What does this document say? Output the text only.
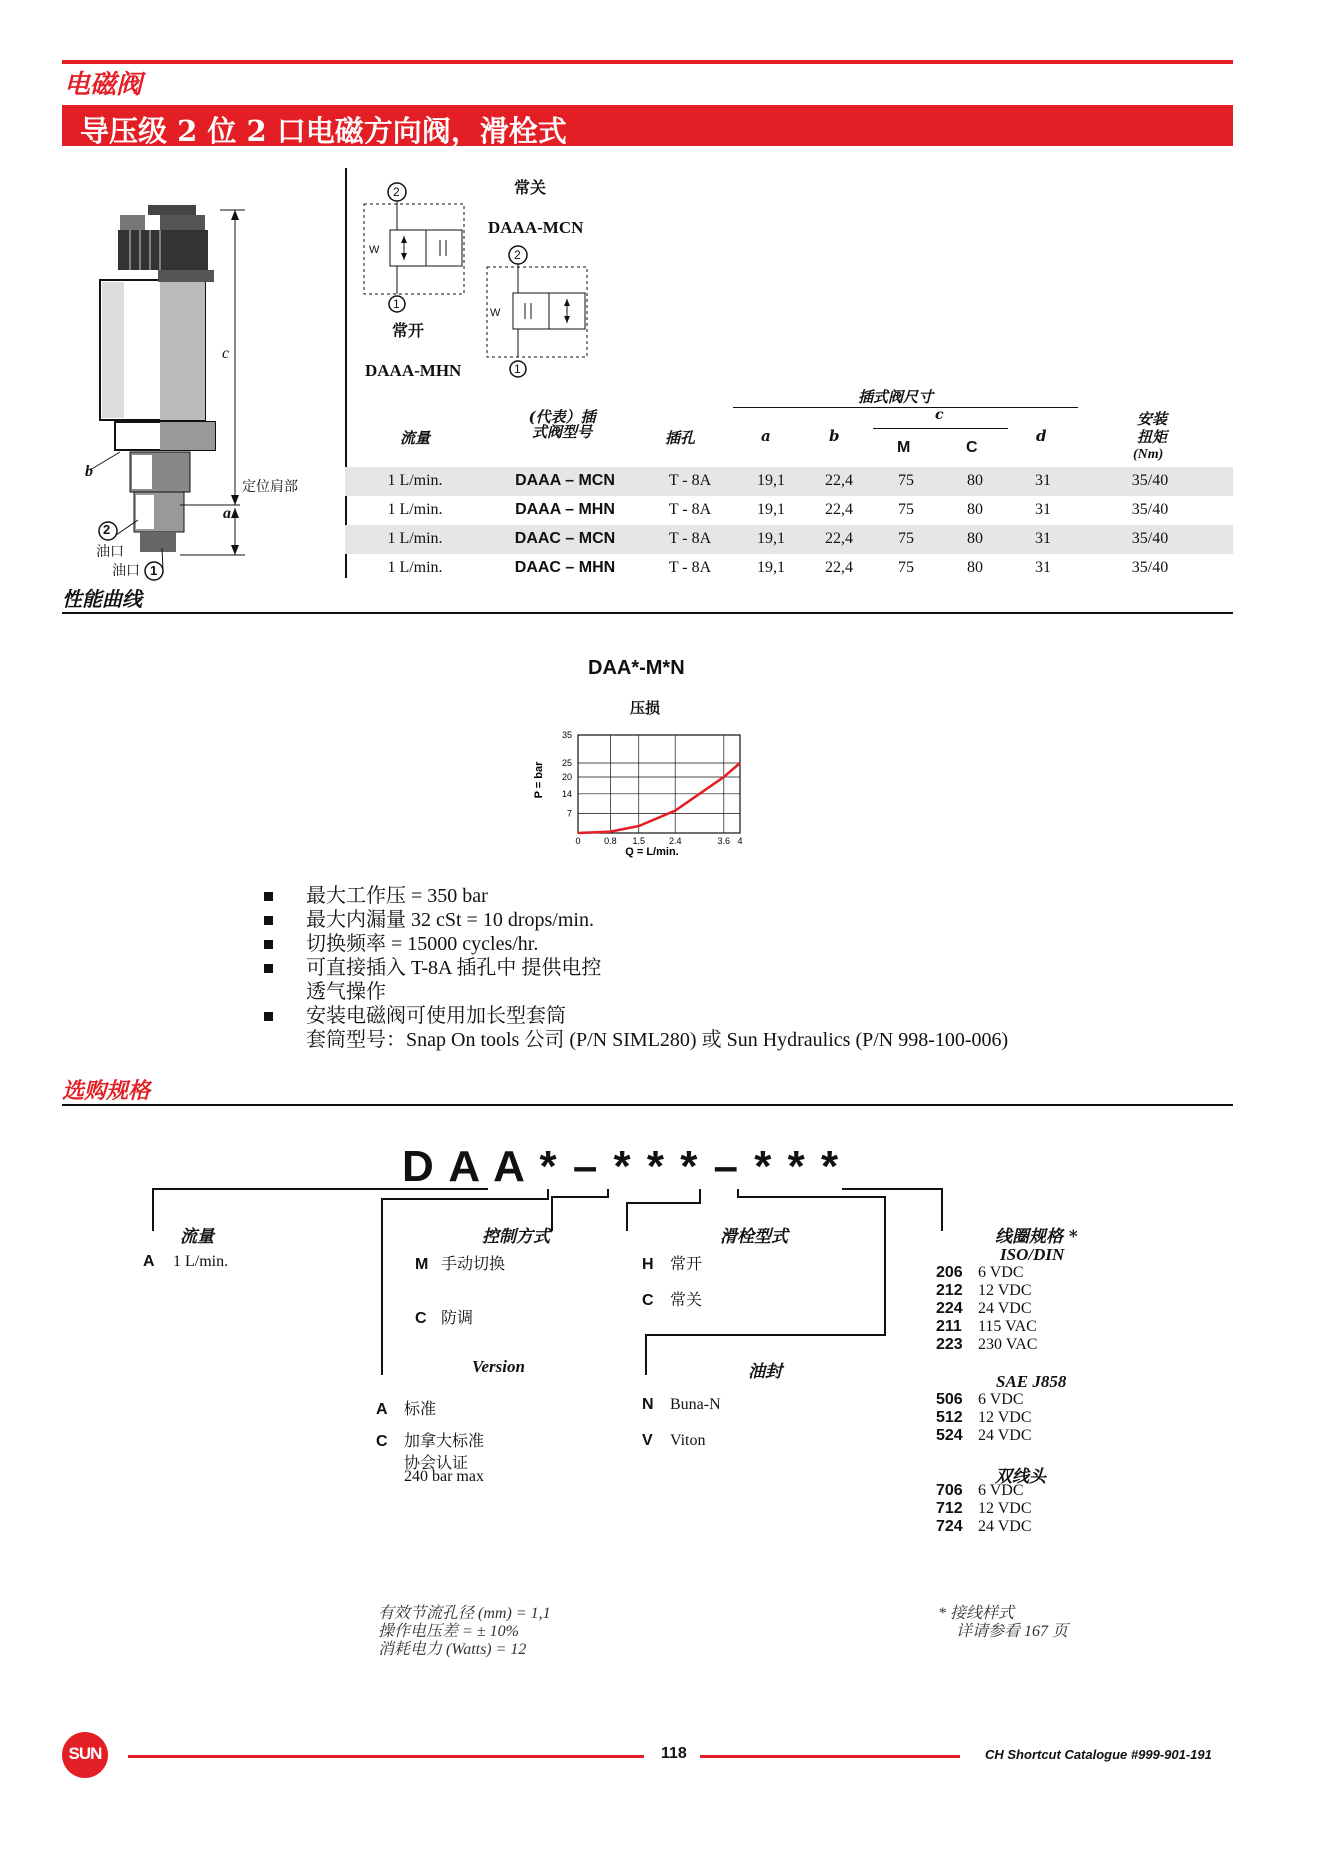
电磁阀
导压级 2 位 2 口电磁方向阀，滑栓式
c
b
a
定位肩部
2
油口
油口 1
2
W
1
常开
DAAA-MHN
常关
DAAA-MCN
2
W
1
插式阀尺寸
c
流量
(代表）插式阀型号	插孔	a	b
M	C
d
安装扭矩
(Nm)
1 L/min.	DAAA – MCN	T - 8A	19,1	22,4	75	80	31	35/40
1 L/min.	DAAA – MHN	T - 8A	19,1	22,4	75	80	31	35/40
1 L/min.	DAAC – MCN	T - 8A	19,1	22,4	75	80	31	35/40
1 L/min.	DAAC – MHN	T - 8A	19,1	22,4	75	80	31	35/40
性能曲线
DAA*-M*N
压损
0	0.8 1.5	2.4	3.6 4
7
14
20
25
35
Q = L/min.
P = bar
最大工作压 = 350 bar
最大内漏量 32 cSt = 10 drops/min.
切换频率 = 15000 cycles/hr.
可直接插入 T-8A 插孔中 提供电控
透气操作
安装电磁阀可使用加长型套筒
套筒型号：Snap On tools 公司 (P/N SIML280) 或 Sun Hydraulics (P/N 998-100-006)
选购规格
D A A * – * * * – * * *
流量
A 1 L/min.
控制方式
M 手动切换
C 防调
滑栓型式
H 常开
C 常关
Version
A 标准
C 加拿大标准
协会认证
240 bar max
油封
N Buna-N
V Viton
线圈规格 *
ISO/DIN
206 6 VDC
212 12 VDC
224 24 VDC
211 115 VAC
223 230 VAC
SAE J858
506 6 VDC
512 12 VDC
524 24 VDC
双线头
706 6 VDC
712 12 VDC
724 24 VDC
有效节流孔径 (mm) = 1,1
操作电压差 = ± 10%
消耗电力 (Watts) = 12
* 接线样式
详请参看 167 页
SUN	118	CH Shortcut Catalogue #999-901-191
